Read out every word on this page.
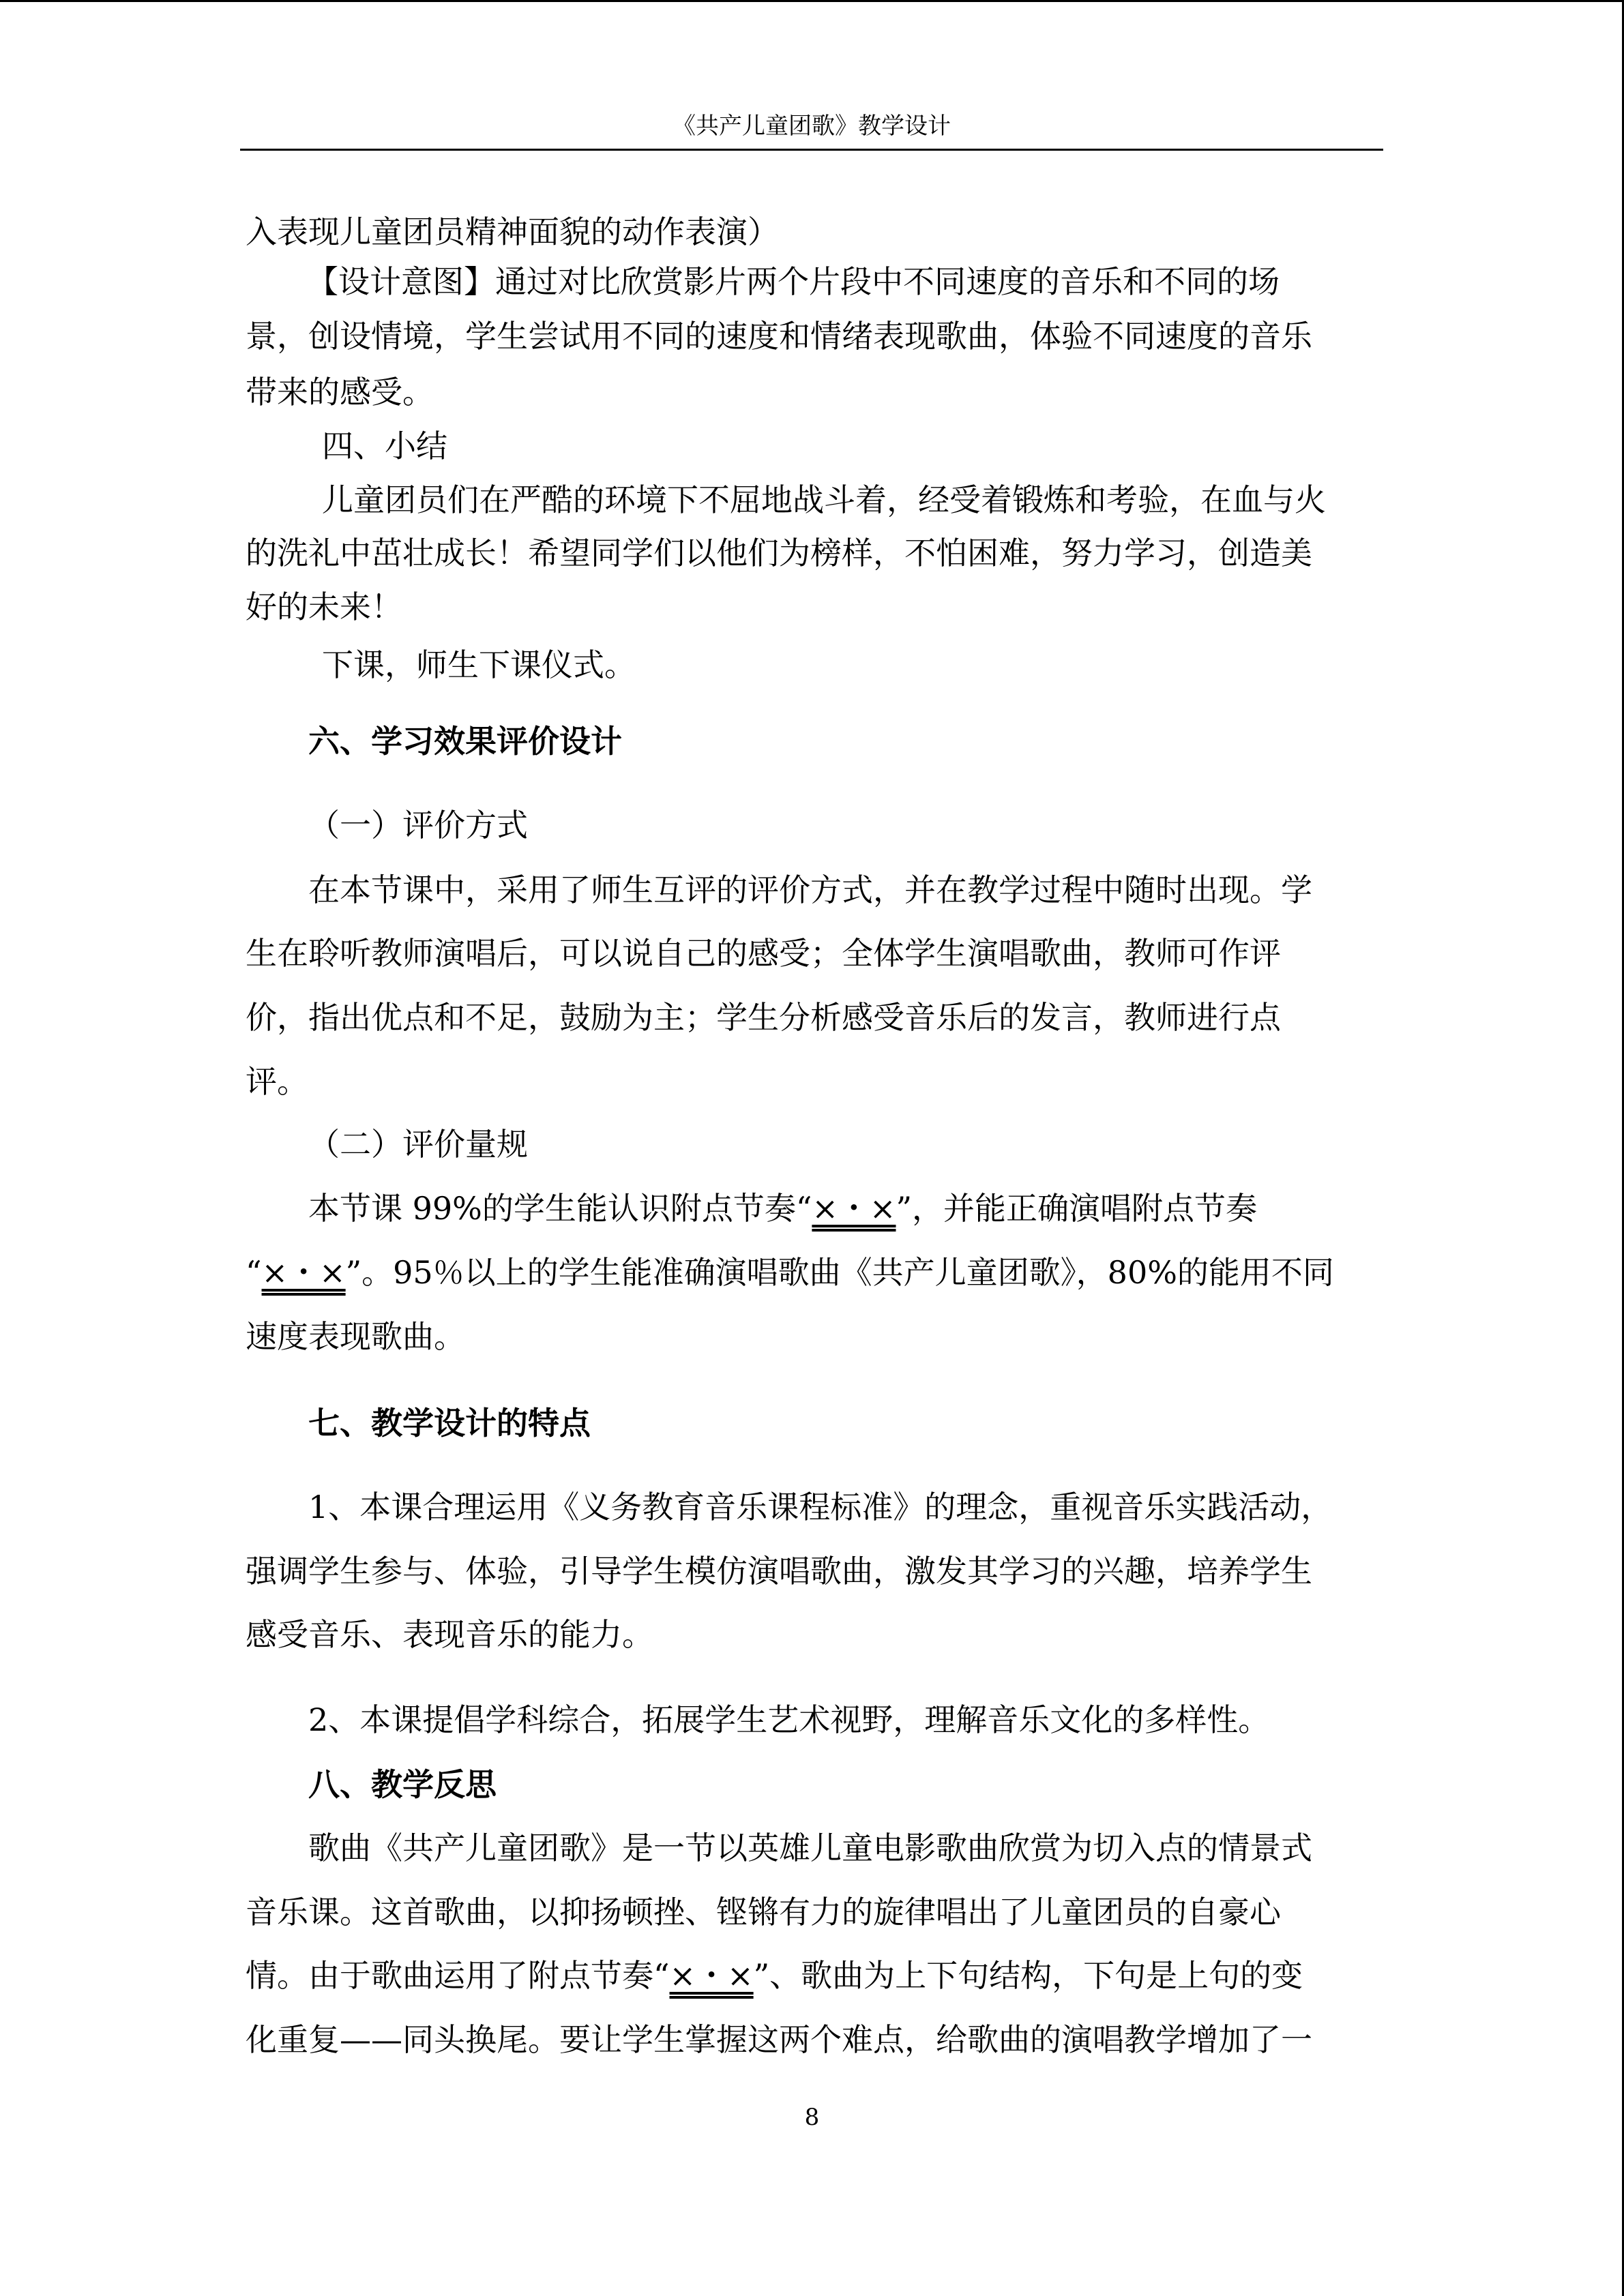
《共产儿童团歌》教学设计
入表现儿童团员精神面貌的动作表演）
【设计意图】通过对比欣赏影片两个片段中不同速度的音乐和不同的场
景，创设情境，学生尝试用不同的速度和情绪表现歌曲，体验不同速度的音乐
带来的感受。
四、小结
儿童团员们在严酷的环境下不屈地战斗着，经受着锻炼和考验，在血与火
的洗礼中茁壮成长！希望同学们以他们为榜样，不怕困难，努力学习，创造美
好的未来！
下课，师生下课仪式。
六、学习效果评价设计
（一）评价方式
在本节课中，采用了师生互评的评价方式，并在教学过程中随时出现。学
生在聆听教师演唱后，可以说自己的感受；全体学生演唱歌曲，教师可作评
价，指出优点和不足，鼓励为主；学生分析感受音乐后的发言，教师进行点
评。
（二）评价量规
本节课 99%的学生能认识附点节奏“×・×”，并能正确演唱附点节奏
“×・×”。95％以上的学生能准确演唱歌曲《共产儿童团歌》，80%的能用不同
速度表现歌曲。
七、教学设计的特点
1、本课合理运用《义务教育音乐课程标准》的理念，重视音乐实践活动，
强调学生参与、体验，引导学生模仿演唱歌曲，激发其学习的兴趣，培养学生
感受音乐、表现音乐的能力。
2、本课提倡学科综合，拓展学生艺术视野，理解音乐文化的多样性。
八、教学反思
歌曲《共产儿童团歌》是一节以英雄儿童电影歌曲欣赏为切入点的情景式
音乐课。这首歌曲，以抑扬顿挫、铿锵有力的旋律唱出了儿童团员的自豪心
情。由于歌曲运用了附点节奏“×・×”、歌曲为上下句结构，下句是上句的变
化重复——同头换尾。要让学生掌握这两个难点，给歌曲的演唱教学增加了一
8
